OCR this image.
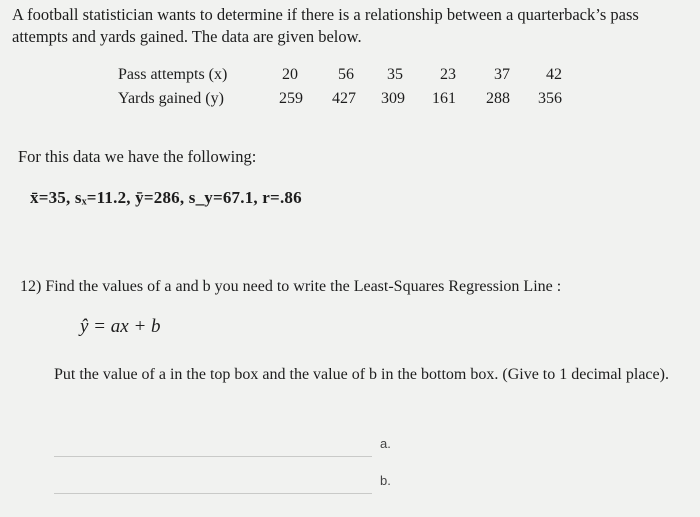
A football statistician wants to determine if there is a relationship between a quarterback’s pass attempts and yards gained. The data are given below.
Pass attempts (x)	20	56	35	23	37	42
Yards gained (y)	259	427	309	161	288	356
For this data we have the following:
x̄=35, sₓ=11.2, ȳ=286, s_y=67.1, r=.86
12) Find the values of a and b you need to write the Least-Squares Regression Line :
ŷ = ax + b
Put the value of a in the top box and the value of b in the bottom box. (Give to 1 decimal place).
a.
b.
